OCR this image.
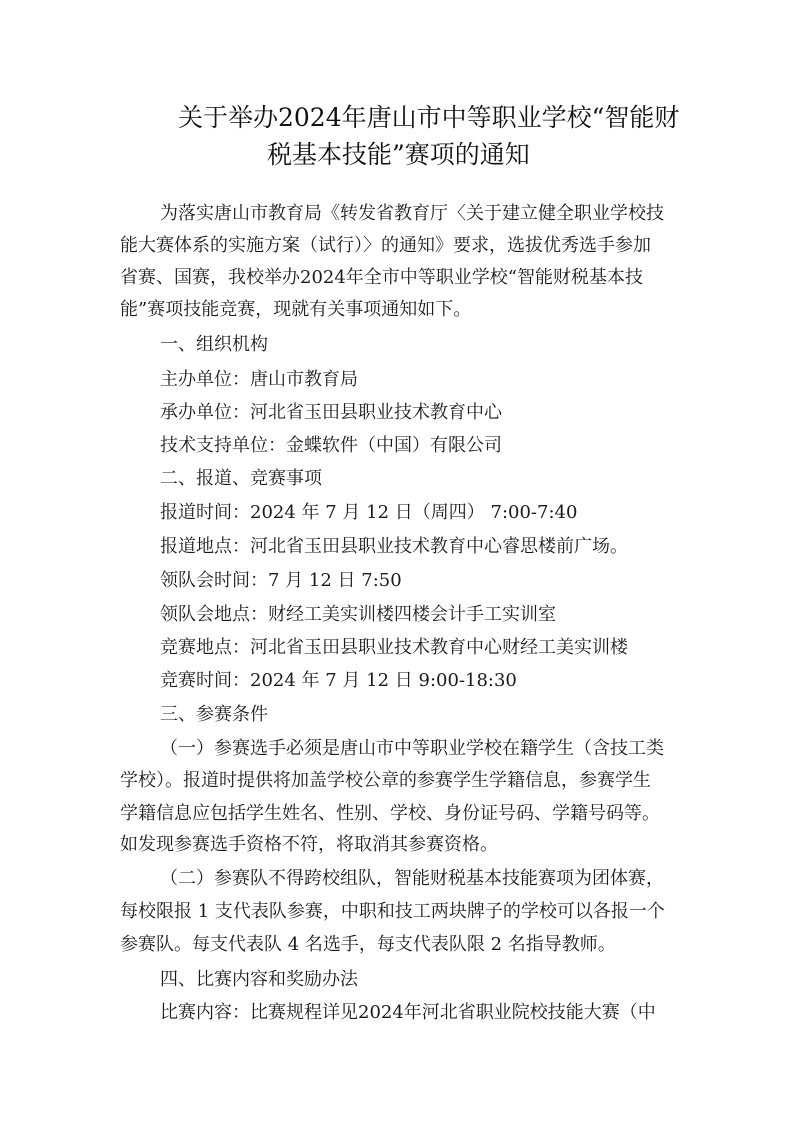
关于举办2024年唐山市中等职业学校“智能财
税基本技能”赛项的通知
为落实唐山市教育局《转发省教育厅〈关于建立健全职业学校技
能大赛体系的实施方案（试行）〉的通知》要求，选拔优秀选手参加
省赛、国赛，我校举办2024年全市中等职业学校“智能财税基本技
能”赛项技能竞赛，现就有关事项通知如下。
一、组织机构
主办单位：唐山市教育局
承办单位：河北省玉田县职业技术教育中心
技术支持单位：金蝶软件（中国）有限公司
二、报道、竞赛事项
报道时间：2024 年 7 月 12 日（周四） 7:00-7:40
报道地点：河北省玉田县职业技术教育中心睿思楼前广场。
领队会时间：7 月 12 日 7:50
领队会地点：财经工美实训楼四楼会计手工实训室
竞赛地点：河北省玉田县职业技术教育中心财经工美实训楼
竞赛时间：2024 年 7 月 12 日 9:00-18:30
三、参赛条件
（一）参赛选手必须是唐山市中等职业学校在籍学生（含技工类
学校）。报道时提供将加盖学校公章的参赛学生学籍信息，参赛学生
学籍信息应包括学生姓名、性别、学校、身份证号码、学籍号码等。
如发现参赛选手资格不符，将取消其参赛资格。
（二）参赛队不得跨校组队，智能财税基本技能赛项为团体赛，
每校限报 1 支代表队参赛，中职和技工两块牌子的学校可以各报一个
参赛队。每支代表队 4 名选手，每支代表队限 2 名指导教师。
四、比赛内容和奖励办法
比赛内容：比赛规程详见2024年河北省职业院校技能大赛（中
